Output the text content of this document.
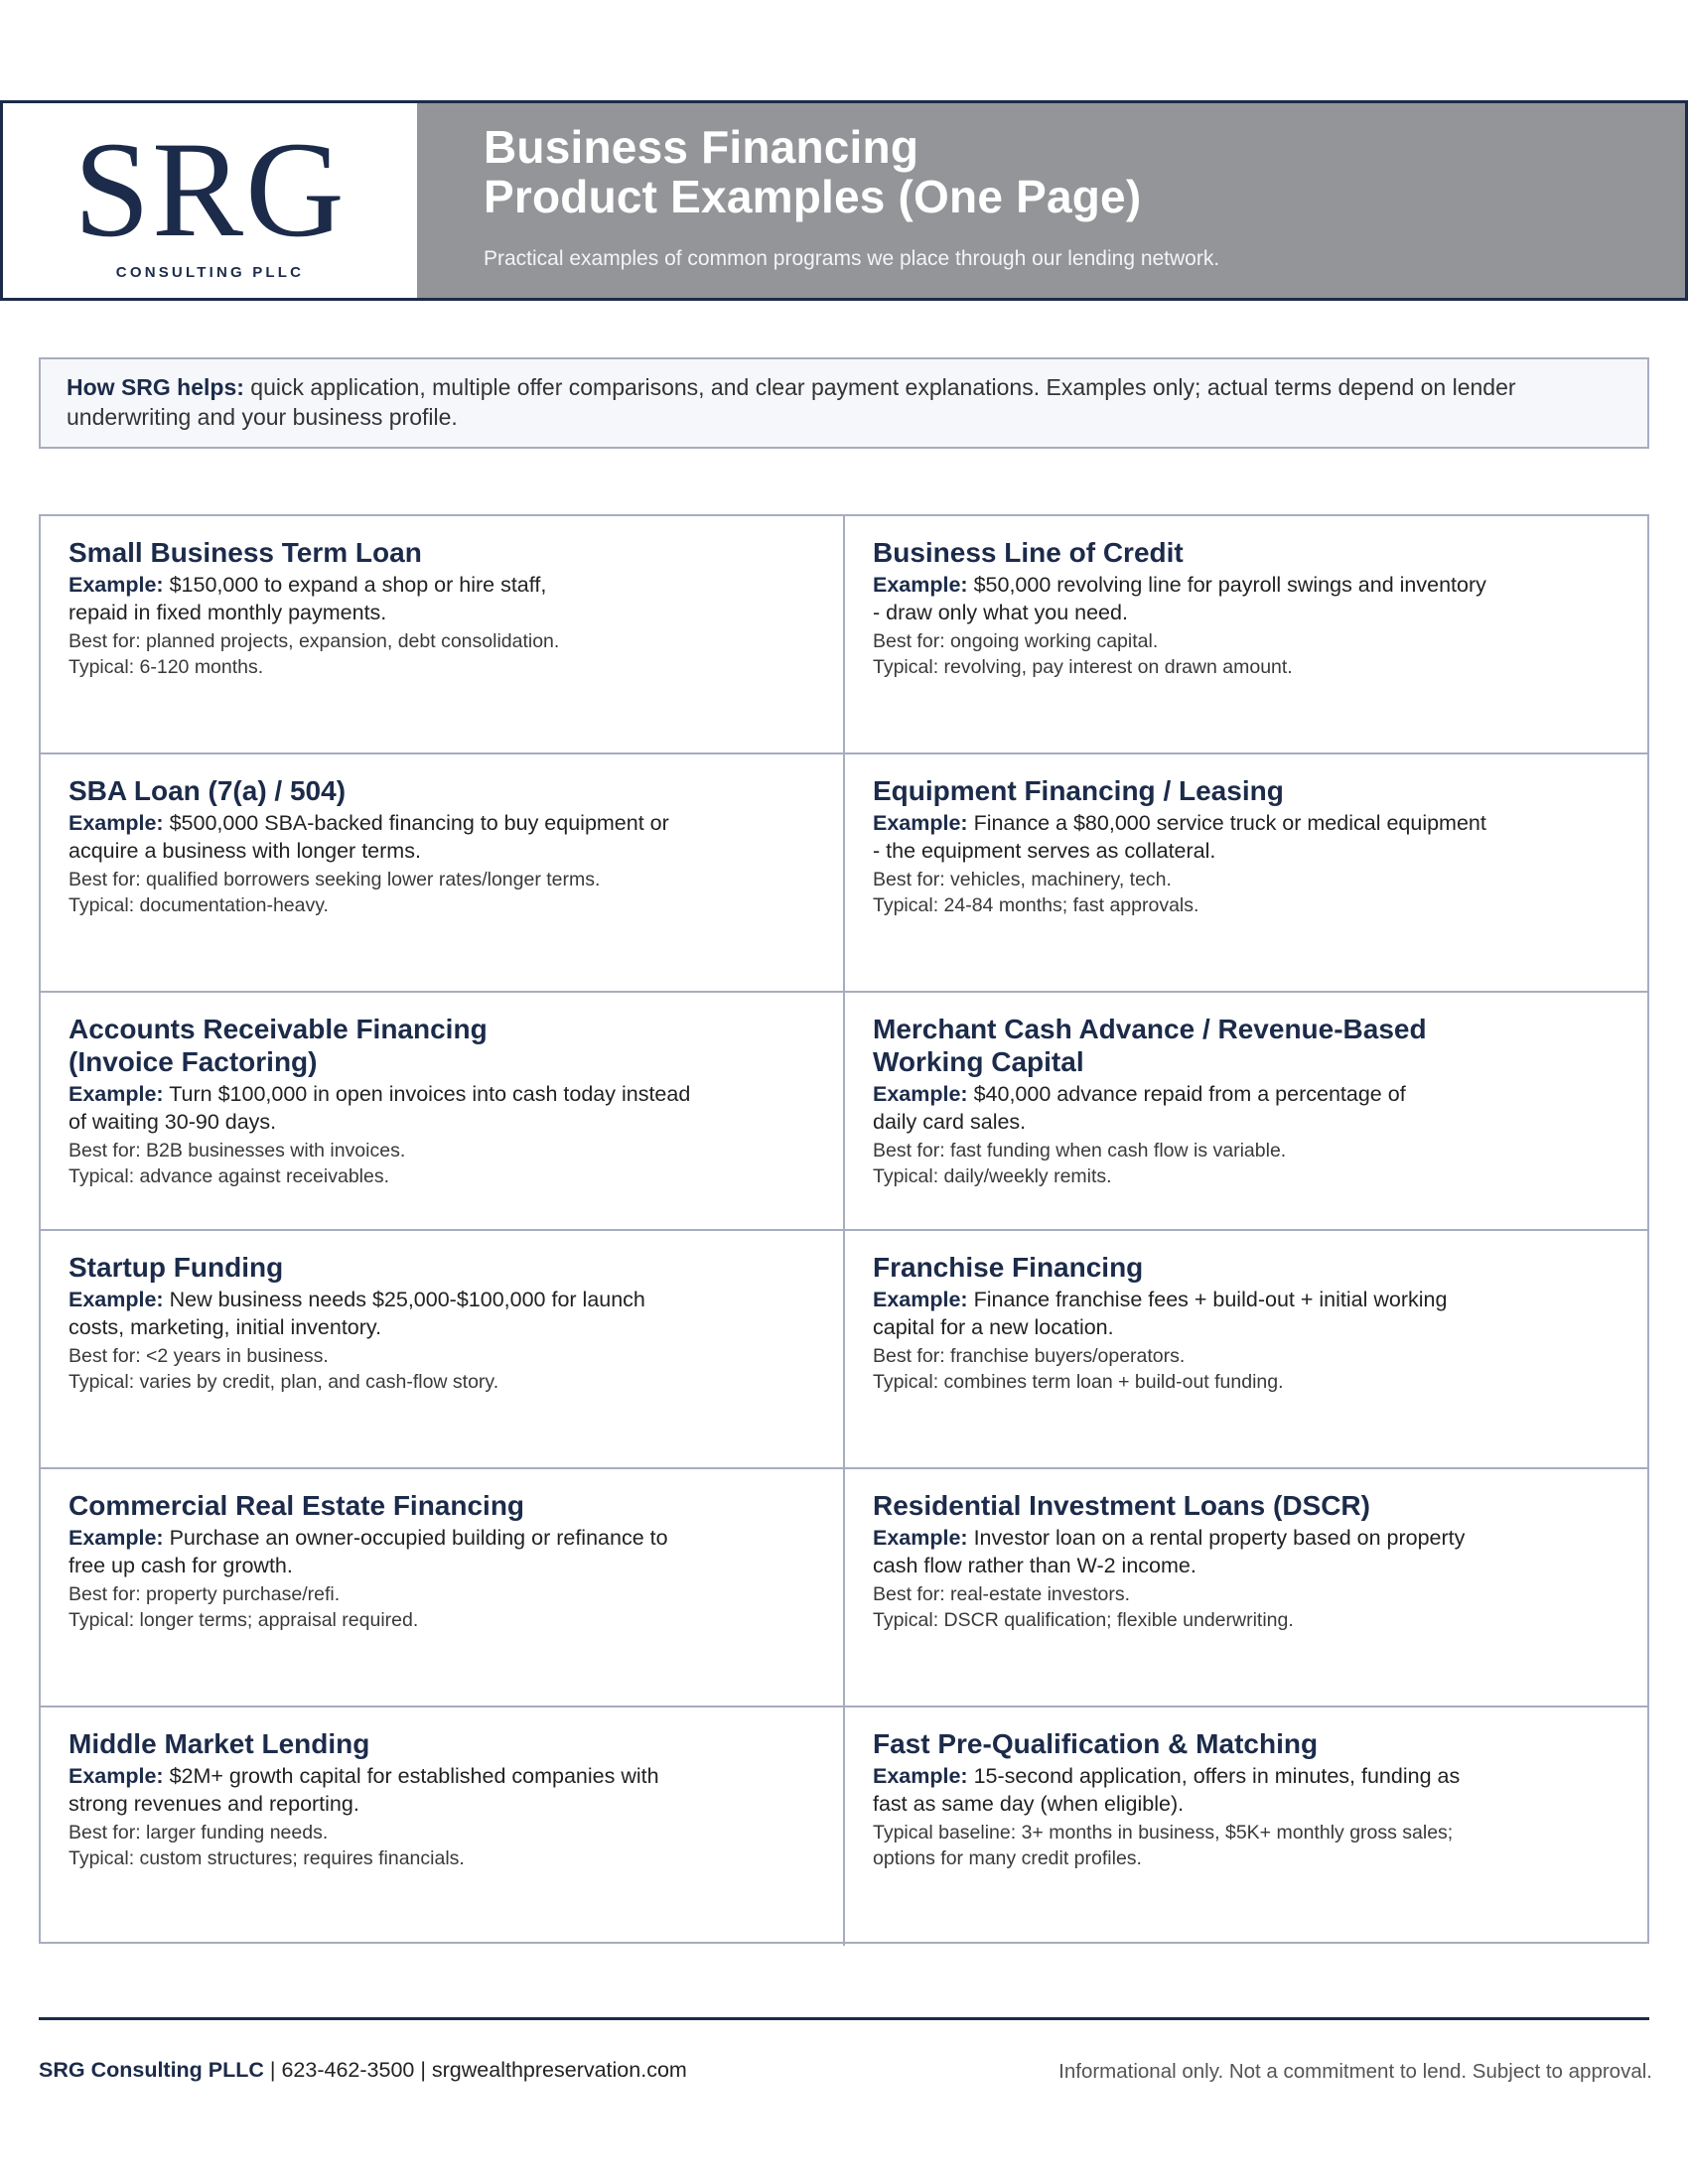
SRG
CONSULTING PLLC
Business Financing
Product Examples (One Page)
Practical examples of common programs we place through our lending network.
How SRG helps: quick application, multiple offer comparisons, and clear payment explanations. Examples only; actual terms depend on lender underwriting and your business profile.
Small Business Term Loan
Example: $150,000 to expand a shop or hire staff,
repaid in fixed monthly payments.
Best for: planned projects, expansion, debt consolidation.
Typical: 6-120 months.
Business Line of Credit
Example: $50,000 revolving line for payroll swings and inventory
- draw only what you need.
Best for: ongoing working capital.
Typical: revolving, pay interest on drawn amount.
SBA Loan (7(a) / 504)
Example: $500,000 SBA-backed financing to buy equipment or
acquire a business with longer terms.
Best for: qualified borrowers seeking lower rates/longer terms.
Typical: documentation-heavy.
Equipment Financing / Leasing
Example: Finance a $80,000 service truck or medical equipment
- the equipment serves as collateral.
Best for: vehicles, machinery, tech.
Typical: 24-84 months; fast approvals.
Accounts Receivable Financing
(Invoice Factoring)
Example: Turn $100,000 in open invoices into cash today instead
of waiting 30-90 days.
Best for: B2B businesses with invoices.
Typical: advance against receivables.
Merchant Cash Advance / Revenue-Based
Working Capital
Example: $40,000 advance repaid from a percentage of
daily card sales.
Best for: fast funding when cash flow is variable.
Typical: daily/weekly remits.
Startup Funding
Example: New business needs $25,000-$100,000 for launch
costs, marketing, initial inventory.
Best for: <2 years in business.
Typical: varies by credit, plan, and cash-flow story.
Franchise Financing
Example: Finance franchise fees + build-out + initial working
capital for a new location.
Best for: franchise buyers/operators.
Typical: combines term loan + build-out funding.
Commercial Real Estate Financing
Example: Purchase an owner-occupied building or refinance to
free up cash for growth.
Best for: property purchase/refi.
Typical: longer terms; appraisal required.
Residential Investment Loans (DSCR)
Example: Investor loan on a rental property based on property
cash flow rather than W-2 income.
Best for: real-estate investors.
Typical: DSCR qualification; flexible underwriting.
Middle Market Lending
Example: $2M+ growth capital for established companies with
strong revenues and reporting.
Best for: larger funding needs.
Typical: custom structures; requires financials.
Fast Pre-Qualification & Matching
Example: 15-second application, offers in minutes, funding as
fast as same day (when eligible).
Typical baseline: 3+ months in business, $5K+ monthly gross sales;
options for many credit profiles.
SRG Consulting PLLC | 623-462-3500 | srgwealthpreservation.com	Informational only. Not a commitment to lend. Subject to approval.
